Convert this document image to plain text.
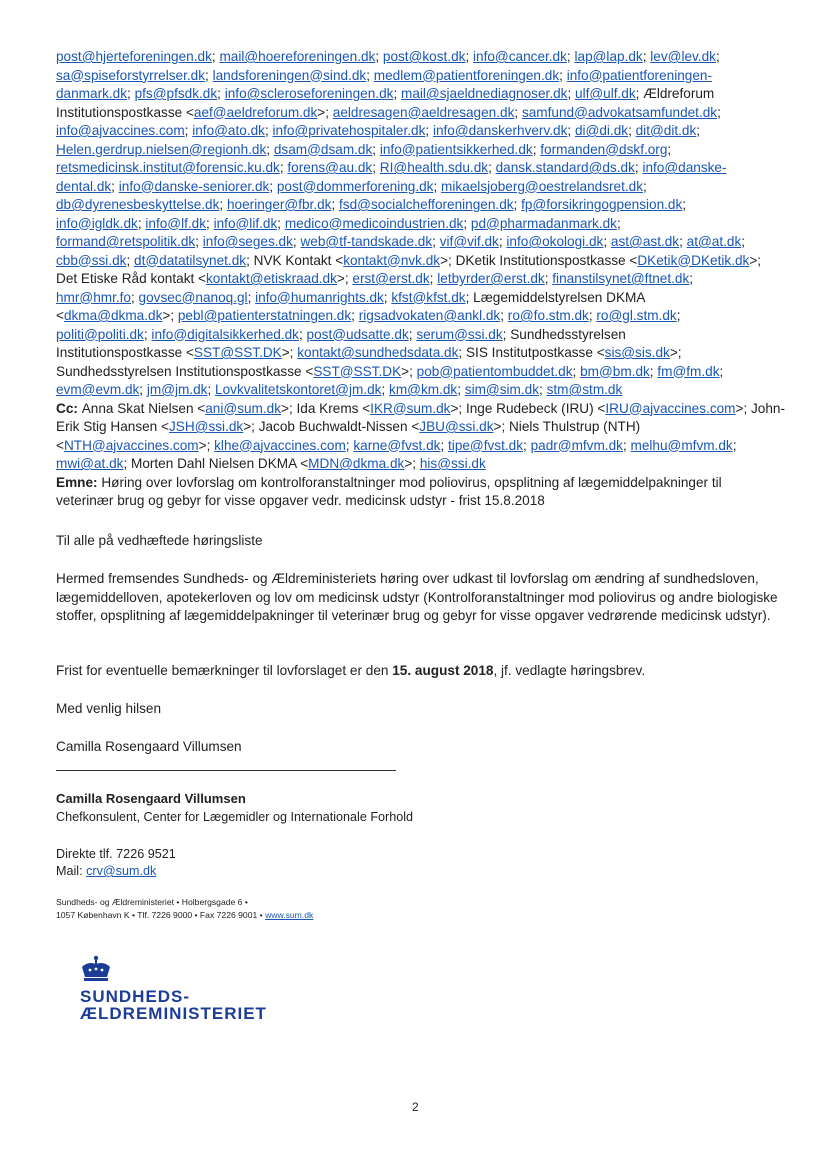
post@hjerteforeningen.dk; mail@hoereforeningen.dk; post@kost.dk; info@cancer.dk; lap@lap.dk; lev@lev.dk;
sa@spiseforstyrrelser.dk; landsforeningen@sind.dk; medlem@patientforeningen.dk; info@patientforeningen-
danmark.dk; pfs@pfsdk.dk; info@scleroseforeningen.dk; mail@sjaeldnediagnoser.dk; ulf@ulf.dk; Ældreforum
Institutionspostkasse <aef@aeldreforum.dk>; aeldresagen@aeldresagen.dk; samfund@advokatsamfundet.dk;
info@ajvaccines.com; info@ato.dk; info@privatehospitaler.dk; info@danskerhverv.dk; di@di.dk; dit@dit.dk;
Helen.gerdrup.nielsen@regionh.dk; dsam@dsam.dk; info@patientsikkerhed.dk; formanden@dskf.org;
retsmedicinsk.institut@forensic.ku.dk; forens@au.dk; RI@health.sdu.dk; dansk.standard@ds.dk; info@danske-
dental.dk; info@danske-seniorer.dk; post@dommerforening.dk; mikaelsjoberg@oestrelandsret.dk;
db@dyrenesbeskyttelse.dk; hoeringer@fbr.dk; fsd@socialchefforeningen.dk; fp@forsikringogpension.dk;
info@igldk.dk; info@lf.dk; info@lif.dk; medico@medicoindustrien.dk; pd@pharmadanmark.dk;
formand@retspolitik.dk; info@seges.dk; web@tf-tandskade.dk; vif@vif.dk; info@okologi.dk; ast@ast.dk; at@at.dk;
cbb@ssi.dk; dt@datatilsynet.dk; NVK Kontakt <kontakt@nvk.dk>; DKetik Institutionspostkasse <DKetik@DKetik.dk>;
Det Etiske Råd kontakt <kontakt@etiskraad.dk>; erst@erst.dk; letbyrder@erst.dk; finanstilsynet@ftnet.dk;
hmr@hmr.fo; govsec@nanoq.gl; info@humanrights.dk; kfst@kfst.dk; Lægemiddelstyrelsen DKMA
<dkma@dkma.dk>; pebl@patienterstatningen.dk; rigsadvokaten@ankl.dk; ro@fo.stm.dk; ro@gl.stm.dk;
politi@politi.dk; info@digitalsikkerhed.dk; post@udsatte.dk; serum@ssi.dk; Sundhedsstyrelsen
Institutionspostkasse <SST@SST.DK>; kontakt@sundhedsdata.dk; SIS Institutpostkasse <sis@sis.dk>;
Sundhedsstyrelsen Institutionspostkasse <SST@SST.DK>; pob@patientombuddet.dk; bm@bm.dk; fm@fm.dk;
evm@evm.dk; jm@jm.dk; Lovkvalitetskontoret@jm.dk; km@km.dk; sim@sim.dk; stm@stm.dk
Cc: Anna Skat Nielsen <ani@sum.dk>; Ida Krems <IKR@sum.dk>; Inge Rudebeck (IRU) <IRU@ajvaccines.com>; John-
Erik Stig Hansen <JSH@ssi.dk>; Jacob Buchwaldt-Nissen <JBU@ssi.dk>; Niels Thulstrup (NTH)
<NTH@ajvaccines.com>; klhe@ajvaccines.com; karne@fvst.dk; tipe@fvst.dk; padr@mfvm.dk; melhu@mfvm.dk;
mwi@at.dk; Morten Dahl Nielsen DKMA <MDN@dkma.dk>; his@ssi.dk
Emne: Høring over lovforslag om kontrolforanstaltninger mod poliovirus, opsplitning af lægemiddelpakninger til
veterinær brug og gebyr for visse opgaver vedr. medicinsk udstyr - frist 15.8.2018
Til alle på vedhæftede høringsliste
Hermed fremsendes Sundheds- og Ældreministeriets høring over udkast til lovforslag om ændring af sundhedsloven, lægemiddelloven, apotekerloven og lov om medicinsk udstyr (Kontrolforanstaltninger mod poliovirus og andre biologiske stoffer, opsplitning af lægemiddelpakninger til veterinær brug og gebyr for visse opgaver vedrørende medicinsk udstyr).
Frist for eventuelle bemærkninger til lovforslaget er den 15. august 2018, jf. vedlagte høringsbrev.
Med venlig hilsen
Camilla Rosengaard Villumsen
Camilla Rosengaard Villumsen
Chefkonsulent, Center for Lægemidler og Internationale Forhold
Direkte tlf. 7226 9521
Mail: crv@sum.dk
Sundheds- og Ældreministeriet • Holbergsgade 6 •
1057 København K • Tlf. 7226 9000 • Fax 7226 9001 • www.sum.dk
SUNDHEDS-
ÆLDREMINISTERIET
2
